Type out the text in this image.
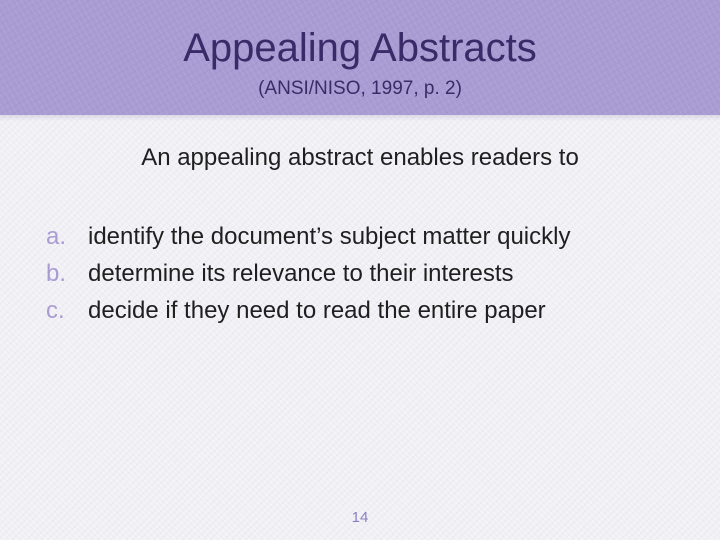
Appealing Abstracts
(ANSI/NISO, 1997, p. 2)
An appealing abstract enables readers to
a. identify the document’s subject matter quickly
b. determine its relevance to their interests
c. decide if they need to read the entire paper
14
